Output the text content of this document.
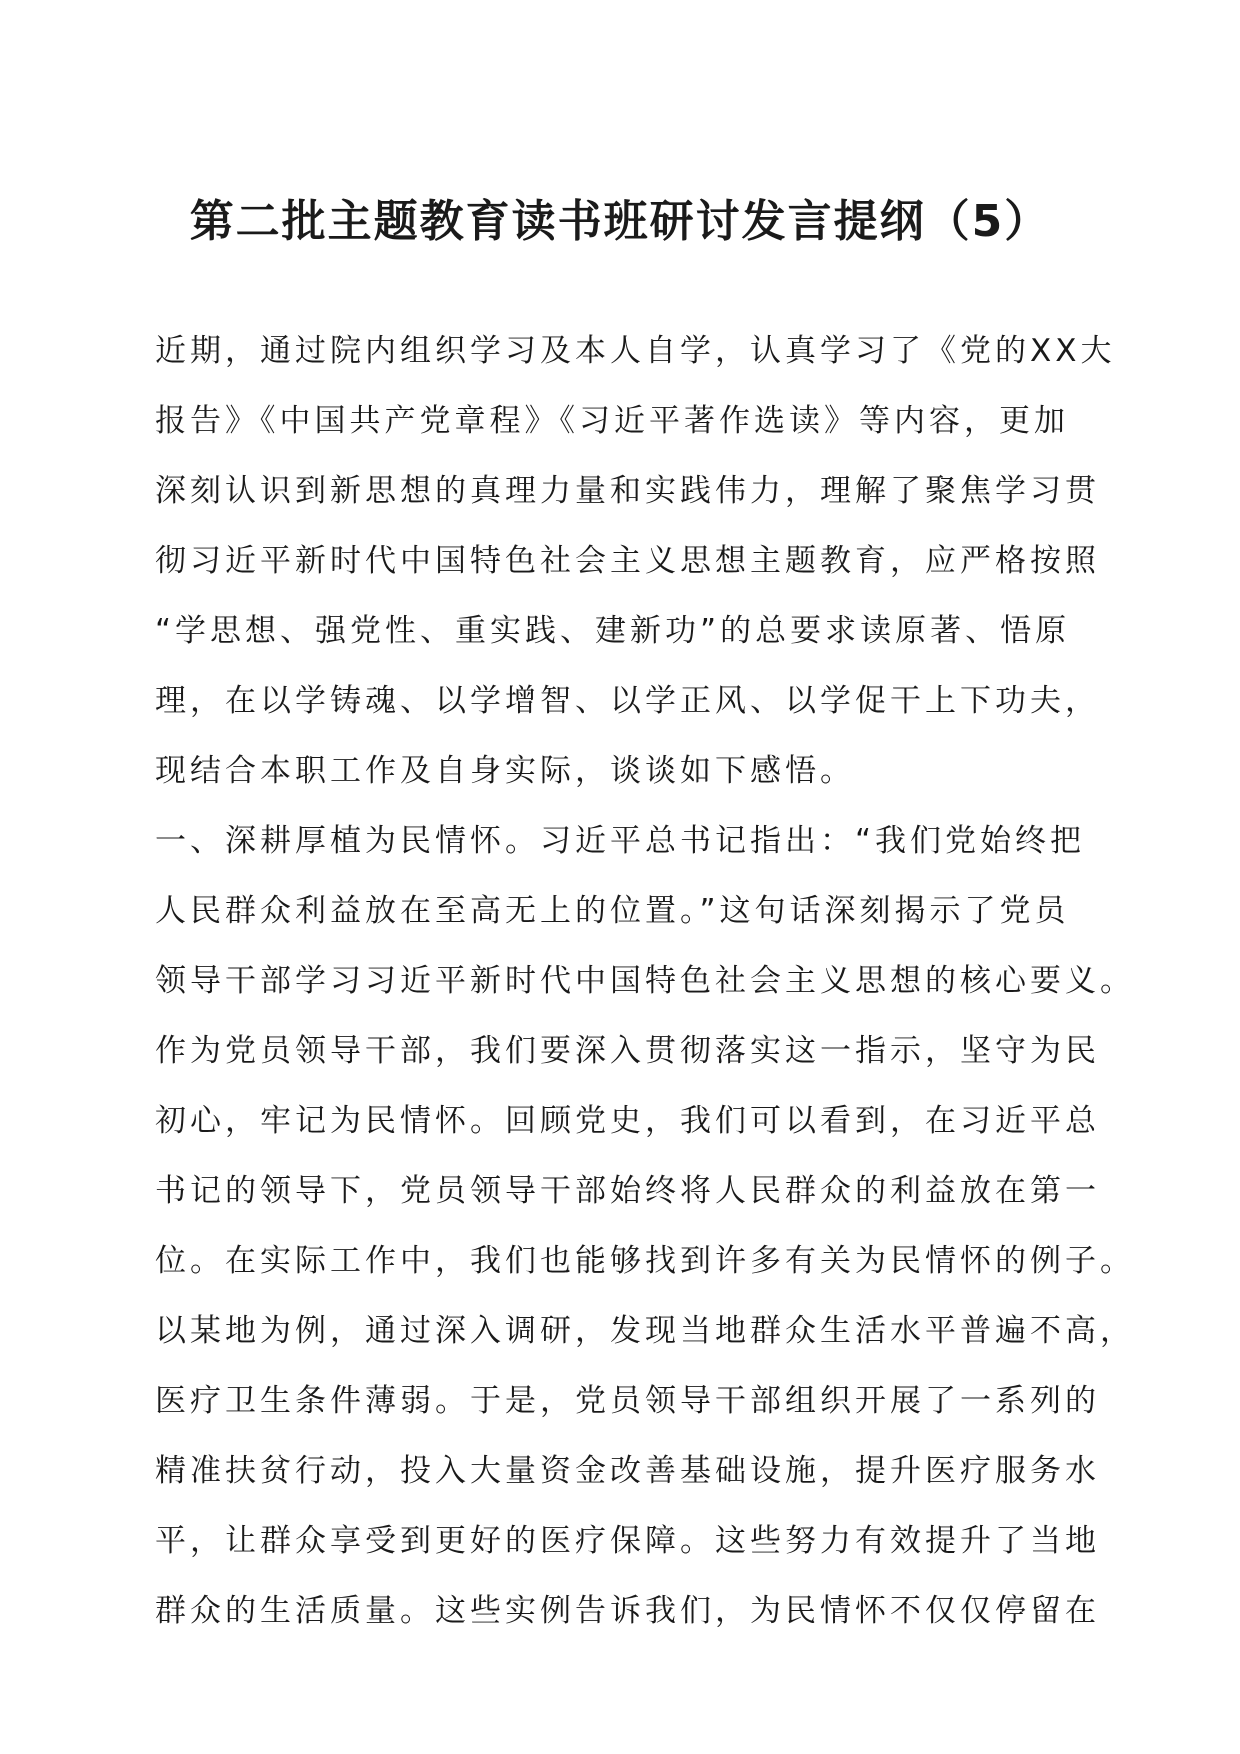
第二批主题教育读书班研讨发言提纲（5）
近期，通过院内组织学习及本人自学，认真学习了《党的XX大
报告》《中国共产党章程》《习近平著作选读》等内容，更加
深刻认识到新思想的真理力量和实践伟力，理解了聚焦学习贯
彻习近平新时代中国特色社会主义思想主题教育，应严格按照
“学思想、强党性、重实践、建新功”的总要求读原著、悟原
理，在以学铸魂、以学增智、以学正风、以学促干上下功夫，
现结合本职工作及自身实际，谈谈如下感悟。
一、深耕厚植为民情怀。习近平总书记指出：“我们党始终把
人民群众利益放在至高无上的位置。”这句话深刻揭示了党员
领导干部学习习近平新时代中国特色社会主义思想的核心要义。
作为党员领导干部，我们要深入贯彻落实这一指示，坚守为民
初心，牢记为民情怀。回顾党史，我们可以看到，在习近平总
书记的领导下，党员领导干部始终将人民群众的利益放在第一
位。在实际工作中，我们也能够找到许多有关为民情怀的例子。
以某地为例，通过深入调研，发现当地群众生活水平普遍不高，
医疗卫生条件薄弱。于是，党员领导干部组织开展了一系列的
精准扶贫行动，投入大量资金改善基础设施，提升医疗服务水
平，让群众享受到更好的医疗保障。这些努力有效提升了当地
群众的生活质量。这些实例告诉我们，为民情怀不仅仅停留在
